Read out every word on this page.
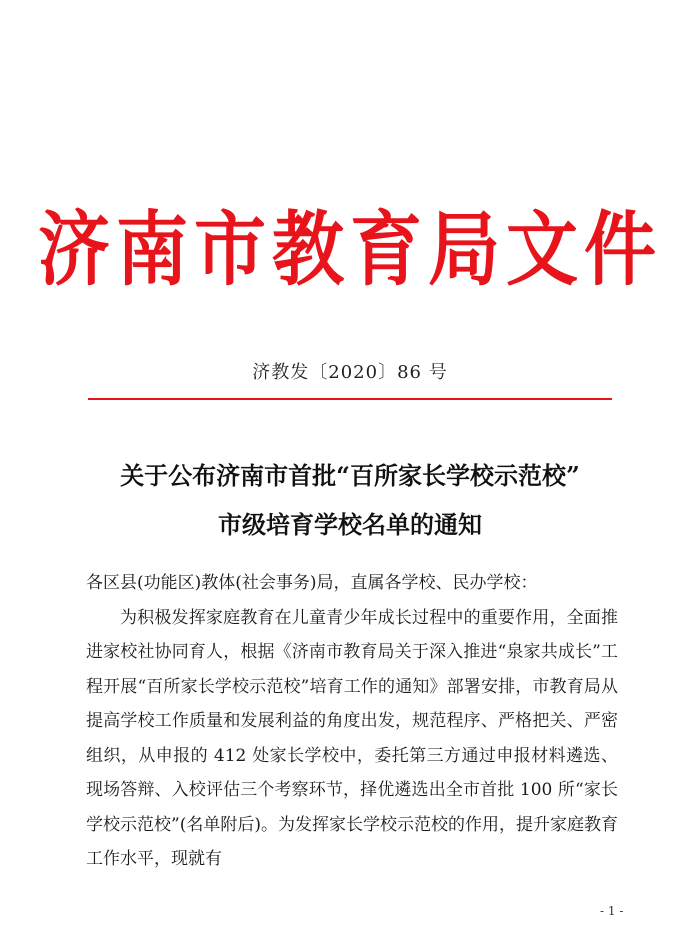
济南市教育局文件
济教发〔2020〕86 号
关于公布济南市首批“百所家长学校示范校”
市级培育学校名单的通知

各区县(功能区)教体(社会事务)局，直属各学校、民办学校：

为积极发挥家庭教育在儿童青少年成长过程中的重要作用，全面推进家校社协同育人，根据《济南市教育局关于深入推进“泉家共成长”工程开展“百所家长学校示范校”培育工作的通知》部署安排，市教育局从提高学校工作质量和发展利益的角度出发，规范程序、严格把关、严密组织，从申报的 412 处家长学校中，委托第三方通过申报材料遴选、现场答辩、入校评估三个考察环节，择优遴选出全市首批 100 所“家长学校示范校”(名单附后)。为发挥家长学校示范校的作用，提升家庭教育工作水平，现就有

- 1 -
